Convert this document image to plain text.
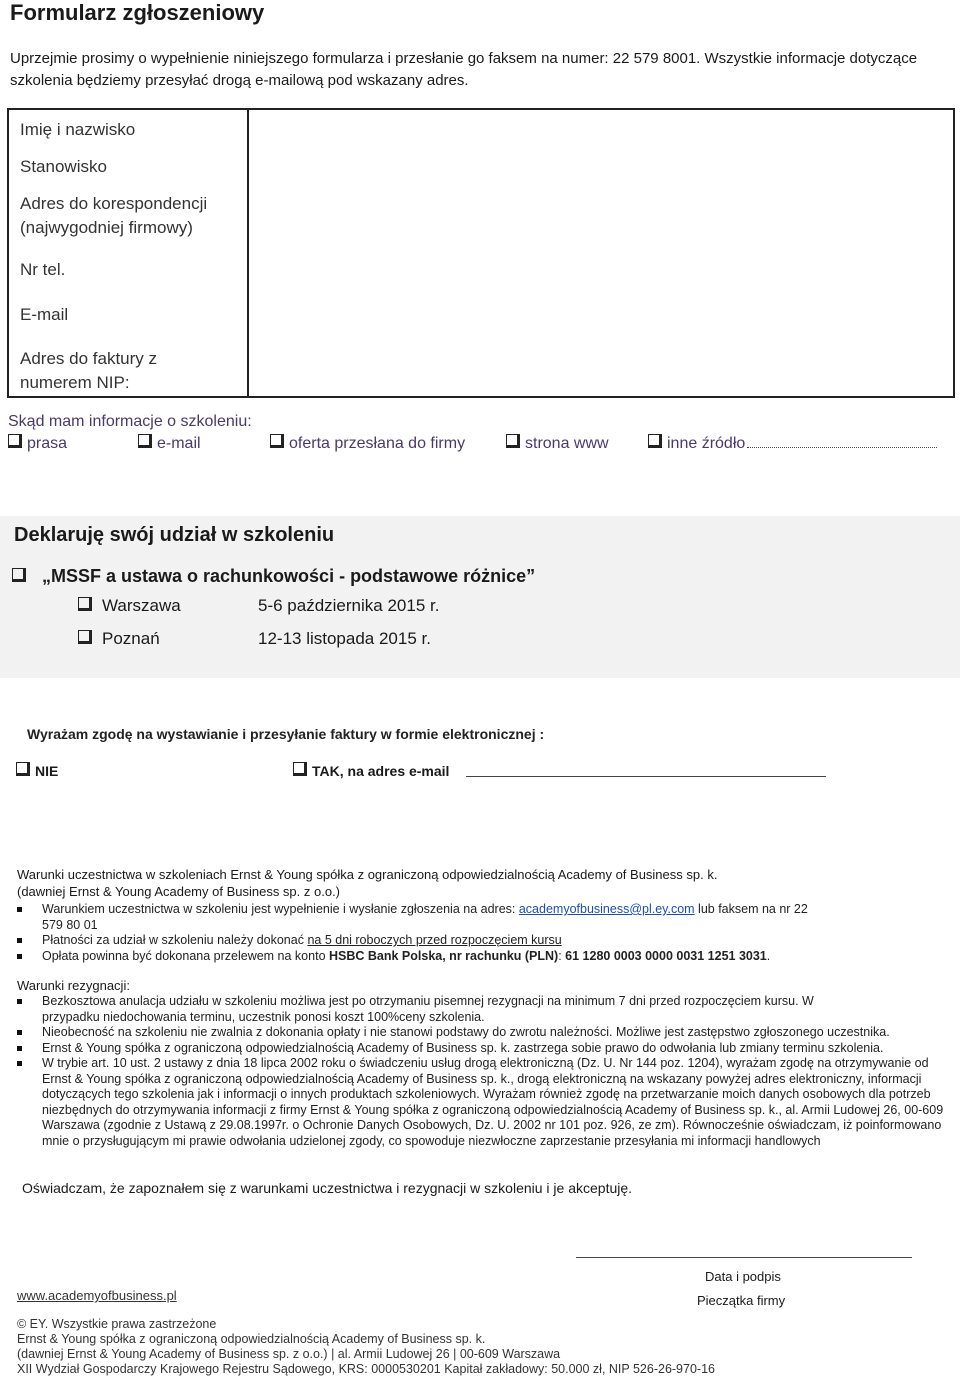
Formularz zgłoszeniowy
Uprzejmie prosimy o wypełnienie niniejszego formularza i przesłanie go faksem na numer: 22 579 8001. Wszystkie informacje dotyczące szkolenia będziemy przesyłać drogą e-mailową pod wskazany adres.
Imię i nazwisko
Stanowisko
Adres do korespondencji
(najwygodniej firmowy)
Nr tel.
E-mail
Adres do faktury z
numerem NIP:
Skąd mam informacje o szkoleniu:
prasa	e-mail	oferta przesłana do firmy	strona www	inne źródło
Deklaruję swój udział w szkoleniu
„MSSF a ustawa o rachunkowości - podstawowe różnice”
Warszawa	5-6 października 2015 r.
Poznań	12-13 listopada 2015 r.
Wyrażam zgodę na wystawianie i przesyłanie faktury w formie elektronicznej :
NIE	TAK, na adres e-mail
Warunki uczestnictwa w szkoleniach Ernst & Young spółka z ograniczoną odpowiedzialnością Academy of Business sp. k.
(dawniej Ernst & Young Academy of Business sp. z o.o.)
Warunkiem uczestnictwa w szkoleniu jest wypełnienie i wysłanie zgłoszenia na adres: academyofbusiness@pl.ey.com lub faksem na nr 22 579 80 01
Płatności za udział w szkoleniu należy dokonać na 5 dni roboczych przed rozpoczęciem kursu
Opłata powinna być dokonana przelewem na konto HSBC Bank Polska, nr rachunku (PLN): 61 1280 0003 0000 0031 1251 3031.
Warunki rezygnacji:
Bezkosztowa anulacja udziału w szkoleniu możliwa jest po otrzymaniu pisemnej rezygnacji na minimum 7 dni przed rozpoczęciem kursu. W przypadku niedochowania terminu, uczestnik ponosi koszt 100%ceny szkolenia.
Nieobecność na szkoleniu nie zwalnia z dokonania opłaty i nie stanowi podstawy do zwrotu należności. Możliwe jest zastępstwo zgłoszonego uczestnika.
Ernst & Young spółka z ograniczoną odpowiedzialnością Academy of Business sp. k. zastrzega sobie prawo do odwołania lub zmiany terminu szkolenia.
W trybie art. 10 ust. 2 ustawy z dnia 18 lipca 2002 roku o świadczeniu usług drogą elektroniczną (Dz. U. Nr 144 poz. 1204), wyrażam zgodę na otrzymywanie od Ernst & Young spółka z ograniczoną odpowiedzialnością Academy of Business sp. k., drogą elektroniczną na wskazany powyżej adres elektroniczny, informacji dotyczących tego szkolenia jak i informacji o innych produktach szkoleniowych. Wyrażam również zgodę na przetwarzanie moich danych osobowych dla potrzeb niezbędnych do otrzymywania informacji z firmy Ernst & Young spółka z ograniczoną odpowiedzialnością Academy of Business sp. k., al. Armii Ludowej 26, 00-609 Warszawa (zgodnie z Ustawą z 29.08.1997r. o Ochronie Danych Osobowych, Dz. U. 2002 nr 101 poz. 926, ze zm). Równocześnie oświadczam, iż poinformowano mnie o przysługującym mi prawie odwołania udzielonej zgody, co spowoduje niezwłoczne zaprzestanie przesyłania mi informacji handlowych
Oświadczam, że zapoznałem się z warunkami uczestnictwa i rezygnacji w szkoleniu i je akceptuję.
Data i podpis
Pieczątka firmy
www.academyofbusiness.pl
© EY. Wszystkie prawa zastrzeżone
Ernst & Young spółka z ograniczoną odpowiedzialnością Academy of Business sp. k.
(dawniej Ernst & Young Academy of Business sp. z o.o.) | al. Armii Ludowej 26 | 00-609 Warszawa
XII Wydział Gospodarczy Krajowego Rejestru Sądowego, KRS: 0000530201 Kapitał zakładowy: 50.000 zł, NIP 526-26-970-16
